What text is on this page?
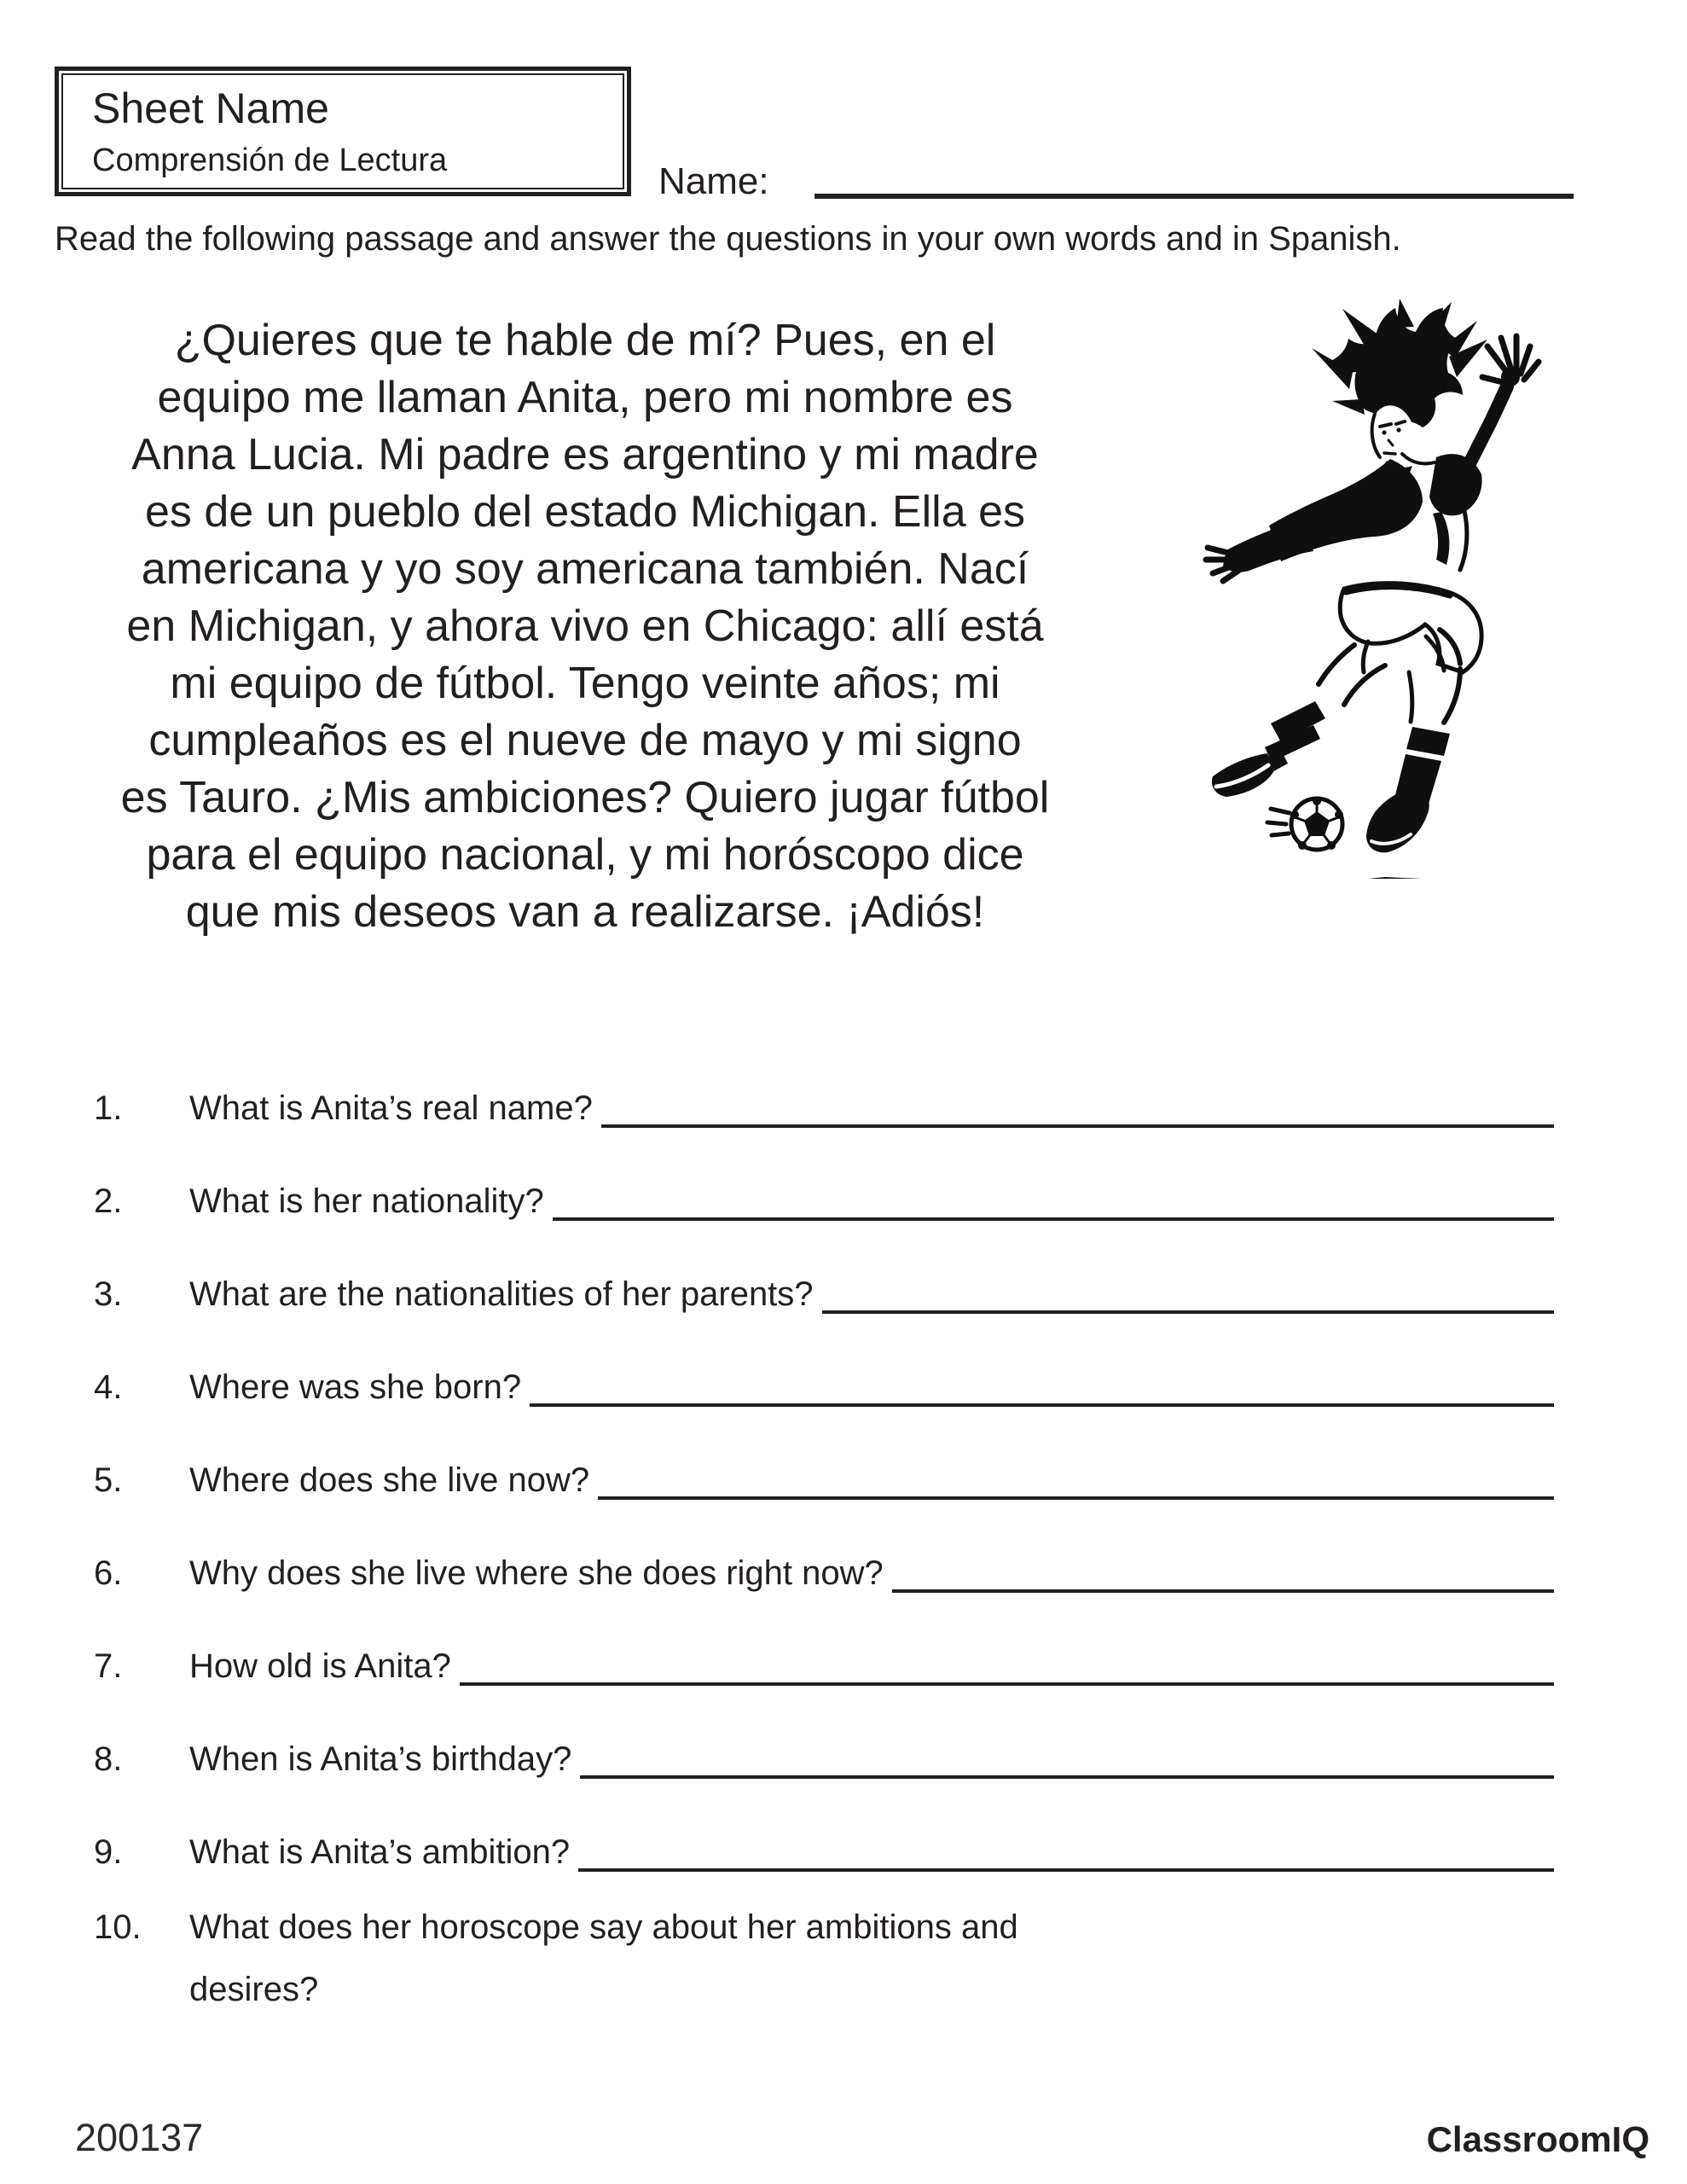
Sheet Name
Comprensión de Lectura	Name:
Read the following passage and answer the questions in your own words and in Spanish.
¿Quieres que te hable de mí? Pues, en el
equipo me llaman Anita, pero mi nombre es
Anna Lucia. Mi padre es argentino y mi madre
es de un pueblo del estado Michigan. Ella es
americana y yo soy americana también. Nací
en Michigan, y ahora vivo en Chicago: allí está
mi equipo de fútbol. Tengo veinte años; mi
cumpleaños es el nueve de mayo y mi signo
es Tauro. ¿Mis ambiciones? Quiero jugar fútbol
para el equipo nacional, y mi horóscopo dice
que mis deseos van a realizarse. ¡Adiós!
1.	What is Anita’s real name?
2.	What is her nationality?
3.	What are the nationalities of her parents?
4.	Where was she born?
5.	Where does she live now?
6.	Why does she live where she does right now?
7.	How old is Anita?
8.	When is Anita’s birthday?
9.	What is Anita’s ambition?
10.	What does her horoscope say about her ambitions and
desires?
200137	ClassroomIQ
